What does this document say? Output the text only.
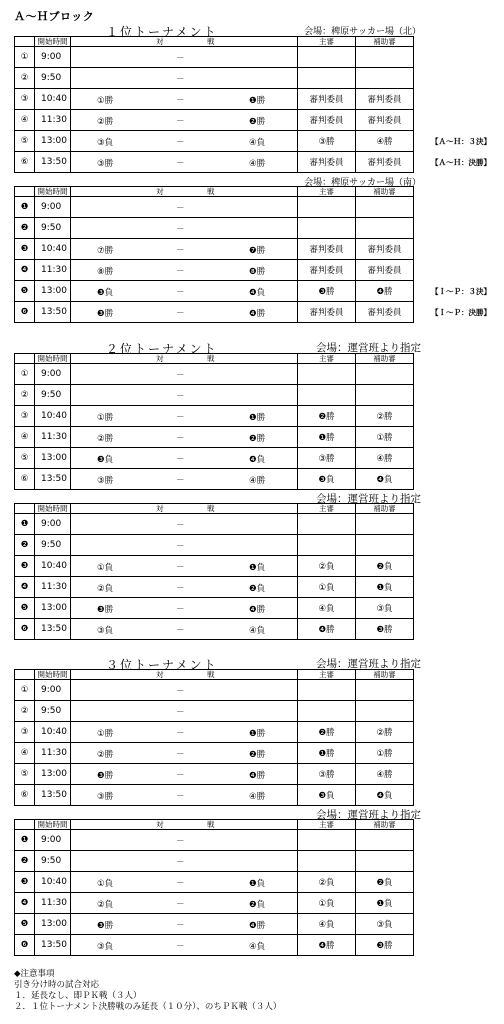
Ａ～Ｈブロック
１位トーナメント	会場：稗原サッカー場（北）
	開始時間	対 戦	主審	補助審
①	9:00	－		

②	9:50	－		

③	10:40	①勝 － ❶勝	審判委員	審判委員
④	11:30	②勝 － ❷勝	審判委員	審判委員
⑤	13:00	③負 － ④負	③勝	④勝
⑥	13:50	③勝 － ④勝	審判委員	審判委員
会場：稗原サッカー場（南）
	開始時間	対 戦	主審	補助審
❶	9:00	－		

❷	9:50	－		

❸	10:40	⑦勝 － ❼勝	審判委員	審判委員
❹	11:30	⑧勝 － ❽勝	審判委員	審判委員
❺	13:00	❸負 － ❹負	❸勝	❹勝
❻	13:50	❸勝 － ❹勝	審判委員	審判委員
【Ａ～Ｈ：３決】
【Ａ～Ｈ：決勝】
【Ｉ～Ｐ：３決】
【Ｉ～Ｐ：決勝】
２位トーナメント	会場：運営班より指定
	開始時間	対 戦	主審	補助審
①	9:00	－		

②	9:50	－		

③	10:40	①勝 － ❶勝	❷勝	②勝
④	11:30	②勝 － ❷勝	❶勝	①勝
⑤	13:00	❸負 － ❹負	③勝	④勝
⑥	13:50	③勝 － ④勝	❸負	❹負
会場：運営班より指定
	開始時間	対 戦	主審	補助審
❶	9:00	－		

❷	9:50	－		

❸	10:40	①負 － ❶負	②負	❷負
❹	11:30	②負 － ❷負	①負	❶負
❺	13:00	❸勝 － ❹勝	④負	③負
❻	13:50	③負 － ④負	❹勝	❸勝
３位トーナメント	会場：運営班より指定
	開始時間	対 戦	主審	補助審
①	9:00	－		

②	9:50	－		

③	10:40	①勝 － ❶勝	❷勝	②勝
④	11:30	②勝 － ❷勝	❶勝	①勝
⑤	13:00	❸勝 － ❹勝	③勝	④勝
⑥	13:50	③勝 － ④勝	❸負	❹負
会場：運営班より指定
	開始時間	対 戦	主審	補助審
❶	9:00	－		

❷	9:50	－		

❸	10:40	①負 － ❶負	②負	❷負
❹	11:30	②負 － ❷負	①負	❶負
❺	13:00	❸勝 － ❹勝	④負	③負
❻	13:50	③負 － ④負	❹勝	❸勝
◆注意事項
引き分け時の試合対応
１．延長なし、即ＰＫ戦（３人）
２．１位トーナメント決勝戦のみ延長（１０分）、のちＰＫ戦（３人）
